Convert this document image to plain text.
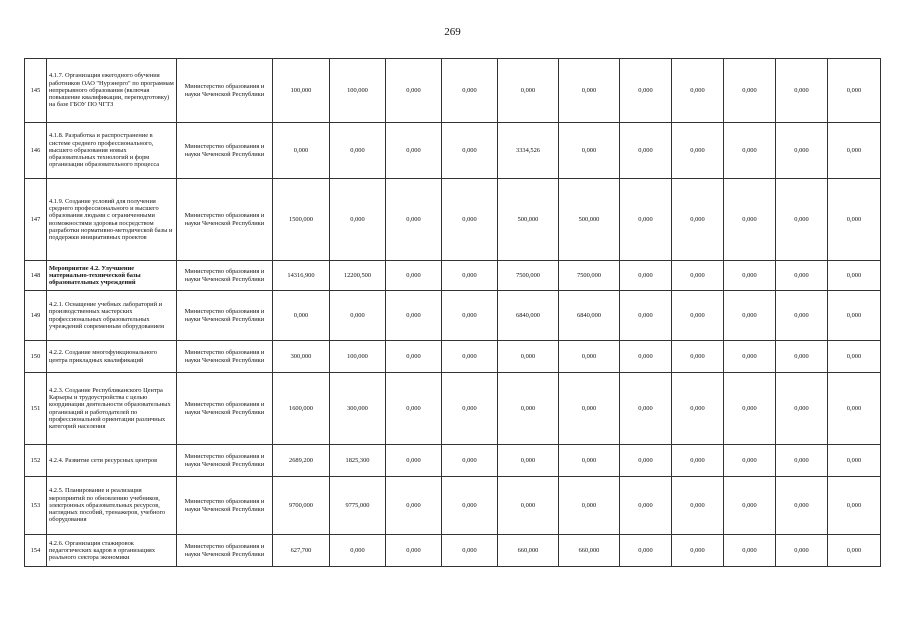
269
145	4.1.7. Организация ежегодного обучения работников ОАО "Нурэнерго" по программам непрерывного образования (включая повышение квалификации, переподготовку) на базе ГБОУ ПО ЧГТЗ	Министерство образования и науки Чеченской Республики	100,000	100,000	0,000	0,000	0,000	0,000	0,000	0,000	0,000	0,000	0,000
146	4.1.8. Разработка и распространение в системе среднего профессионального, высшего образования новых образовательных технологий и форм организации образовательного процесса	Министерство образования и науки Чеченской Республики	0,000	0,000	0,000	0,000	3334,526	0,000	0,000	0,000	0,000	0,000	0,000
147	4.1.9. Создание условий для получения среднего профессионального и высшего образования людьми с ограниченными возможностями здоровья посредством разработки нормативно-методической базы и поддержки инициативных проектов	Министерство образования и науки Чеченской Республики	1500,000	0,000	0,000	0,000	500,000	500,000	0,000	0,000	0,000	0,000	0,000
148	Мероприятие 4.2. Улучшение материально-технической базы образовательных учреждений	Министерство образования и науки Чеченской Республики	14316,900	12200,500	0,000	0,000	7500,000	7500,000	0,000	0,000	0,000	0,000	0,000
149	4.2.1. Оснащение учебных лабораторий и производственных мастерских профессиональных образовательных учреждений современным оборудованием	Министерство образования и науки Чеченской Республики	0,000	0,000	0,000	0,000	6840,000	6840,000	0,000	0,000	0,000	0,000	0,000
150	4.2.2. Создание многофункционального центра прикладных квалификаций	Министерство образования и науки Чеченской Республики	300,000	100,000	0,000	0,000	0,000	0,000	0,000	0,000	0,000	0,000	0,000
151	4.2.3. Создание Республиканского Центра Карьеры и трудоустройства с целью координации деятельности образовательных организаций и работодателей по профессиональной ориентации различных категорий населения	Министерство образования и науки Чеченской Республики	1600,000	300,000	0,000	0,000	0,000	0,000	0,000	0,000	0,000	0,000	0,000
152	4.2.4. Развитие сети ресурсных центров	Министерство образования и науки Чеченской Республики	2689,200	1825,300	0,000	0,000	0,000	0,000	0,000	0,000	0,000	0,000	0,000
153	4.2.5. Планирование и реализация мероприятий по обновлению учебников, электронных образовательных ресурсов, наглядных пособий, тренажеров, учебного оборудования	Министерство образования и науки Чеченской Республики	9700,000	9775,000	0,000	0,000	0,000	0,000	0,000	0,000	0,000	0,000	0,000
154	4.2.6. Организация стажировок педагогических кадров в организациях реального сектора экономики	Министерство образования и науки Чеченской Республики	627,700	0,000	0,000	0,000	660,000	660,000	0,000	0,000	0,000	0,000	0,000
